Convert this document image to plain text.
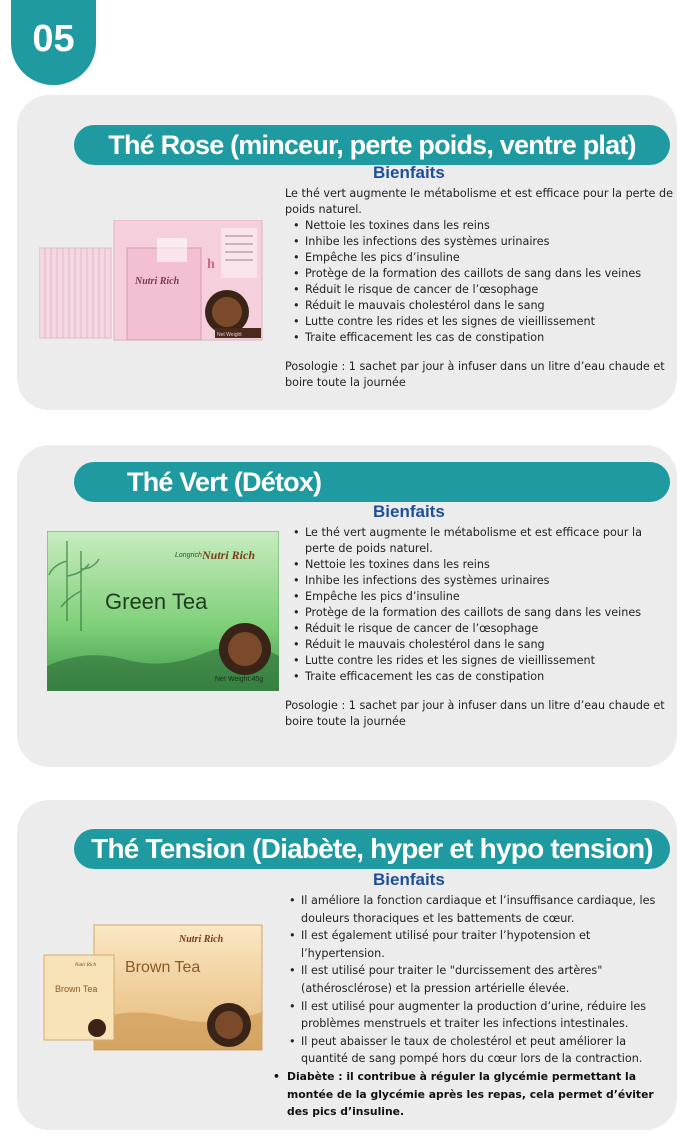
05
Thé Rose (minceur, perte poids, ventre plat)
Bienfaits
h
Nutri Rich
Net Weight

Le thé vert augmente le métabolisme et est efficace pour la perte de poids naturel.

• Nettoie les toxines dans les reins
• Inhibe les infections des systèmes urinaires
• Empêche les pics d’insuline
• Protège de la formation des caillots de sang dans les veines
• Réduit le risque de cancer de l’œsophage
• Réduit le mauvais cholestérol dans le sang
• Lutte contre les rides et les signes de vieillissement
• Traite efficacement les cas de constipation

Posologie : 1 sachet par jour à infuser dans un litre d’eau chaude et boire toute la journée

Thé Vert (Détox)
Bienfaits
Longrich Nutri Rich
Green Tea
Net Weight:45g
• Le thé vert augmente le métabolisme et est efficace pour la perte de poids naturel.
• Nettoie les toxines dans les reins
• Inhibe les infections des systèmes urinaires
• Empêche les pics d’insuline
• Protège de la formation des caillots de sang dans les veines
• Réduit le risque de cancer de l’œsophage
• Réduit le mauvais cholestérol dans le sang
• Lutte contre les rides et les signes de vieillissement
• Traite efficacement les cas de constipation

Posologie : 1 sachet par jour à infuser dans un litre d’eau chaude et boire toute la journée

Thé Tension (Diabète, hyper et hypo tension)
Bienfaits
Nutri Rich
Brown Tea
Nutri Rich
Brown Tea
• Il améliore la fonction cardiaque et l’insuffisance cardiaque, les douleurs thoraciques et les battements de cœur.
• Il est également utilisé pour traiter l’hypotension et l’hypertension.
• Il est utilisé pour traiter le "durcissement des artères" (athérosclérose) et la pression artérielle élevée.
• Il est utilisé pour augmenter la production d’urine, réduire les problèmes menstruels et traiter les infections intestinales.
• Il peut abaisser le taux de cholestérol et peut améliorer la quantité de sang pompé hors du cœur lors de la contraction.
• Diabète : il contribue à réguler la glycémie permettant la montée de la glycémie après les repas, cela permet d’éviter des pics d’insuline.
